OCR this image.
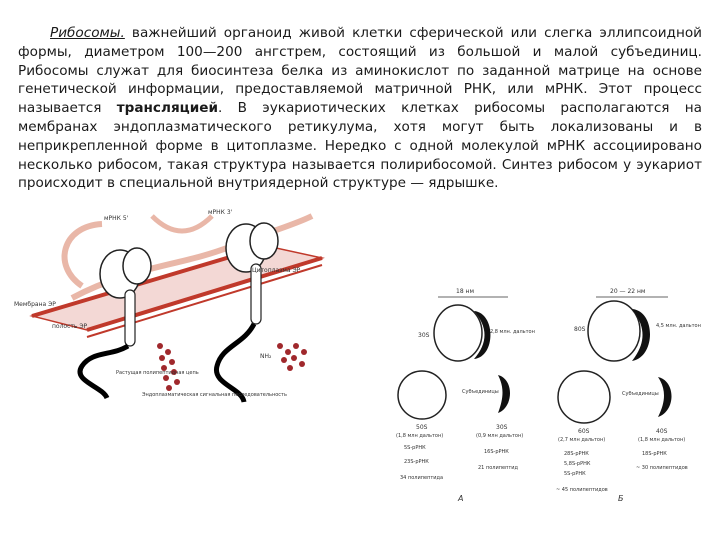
Рибосомы. важнейший органоид живой клетки сферической или слегка эллипсоидной формы, диаметром 100—200 ангстрем, состоящий из большой и малой субъединиц. Рибосомы служат для биосинтеза белка из аминокислот по заданной матрице на основе генетической информации, предоставляемой матричной РНК, или мРНК. Этот процесс называется трансляцией. В эукариотических клетках рибосомы располагаются на мембранах эндоплазматического ретикулума, хотя могут быть локализованы и в неприкрепленной форме в цитоплазме. Нередко с одной молекулой мРНК ассоциировано несколько рибосом, такая структура называется полирибосомой. Синтез рибосом у эукариот происходит в специальной внутриядерной структуре — ядрышке.

Цитоплазма ЭР
полость ЭР
Мембрана ЭР
Растущая полипептидная цепь
Эндоплазматическая сигнальная последовательность
NH₂
мРНК 5'
мРНК 3'
18 нм
30S	2,8 млн. дальтон
Субъединицы
50S
(1,8 млн дальтон)
30S
(0,9 млн дальтон)
23S-рРНК
5S-рРНК
16S-рРНК
34 полипептида
21 полипептид
А
20 — 22 нм
80S	4,5 млн. дальтон
Субъединицы
60S
(2,7 млн дальтон)
40S
(1,8 млн дальтон)
28S-рРНК
5,8S-рРНК
5S-рРНК
18S-рРНК
~ 45 полипептидов
~ 30 полипептидов
Б
